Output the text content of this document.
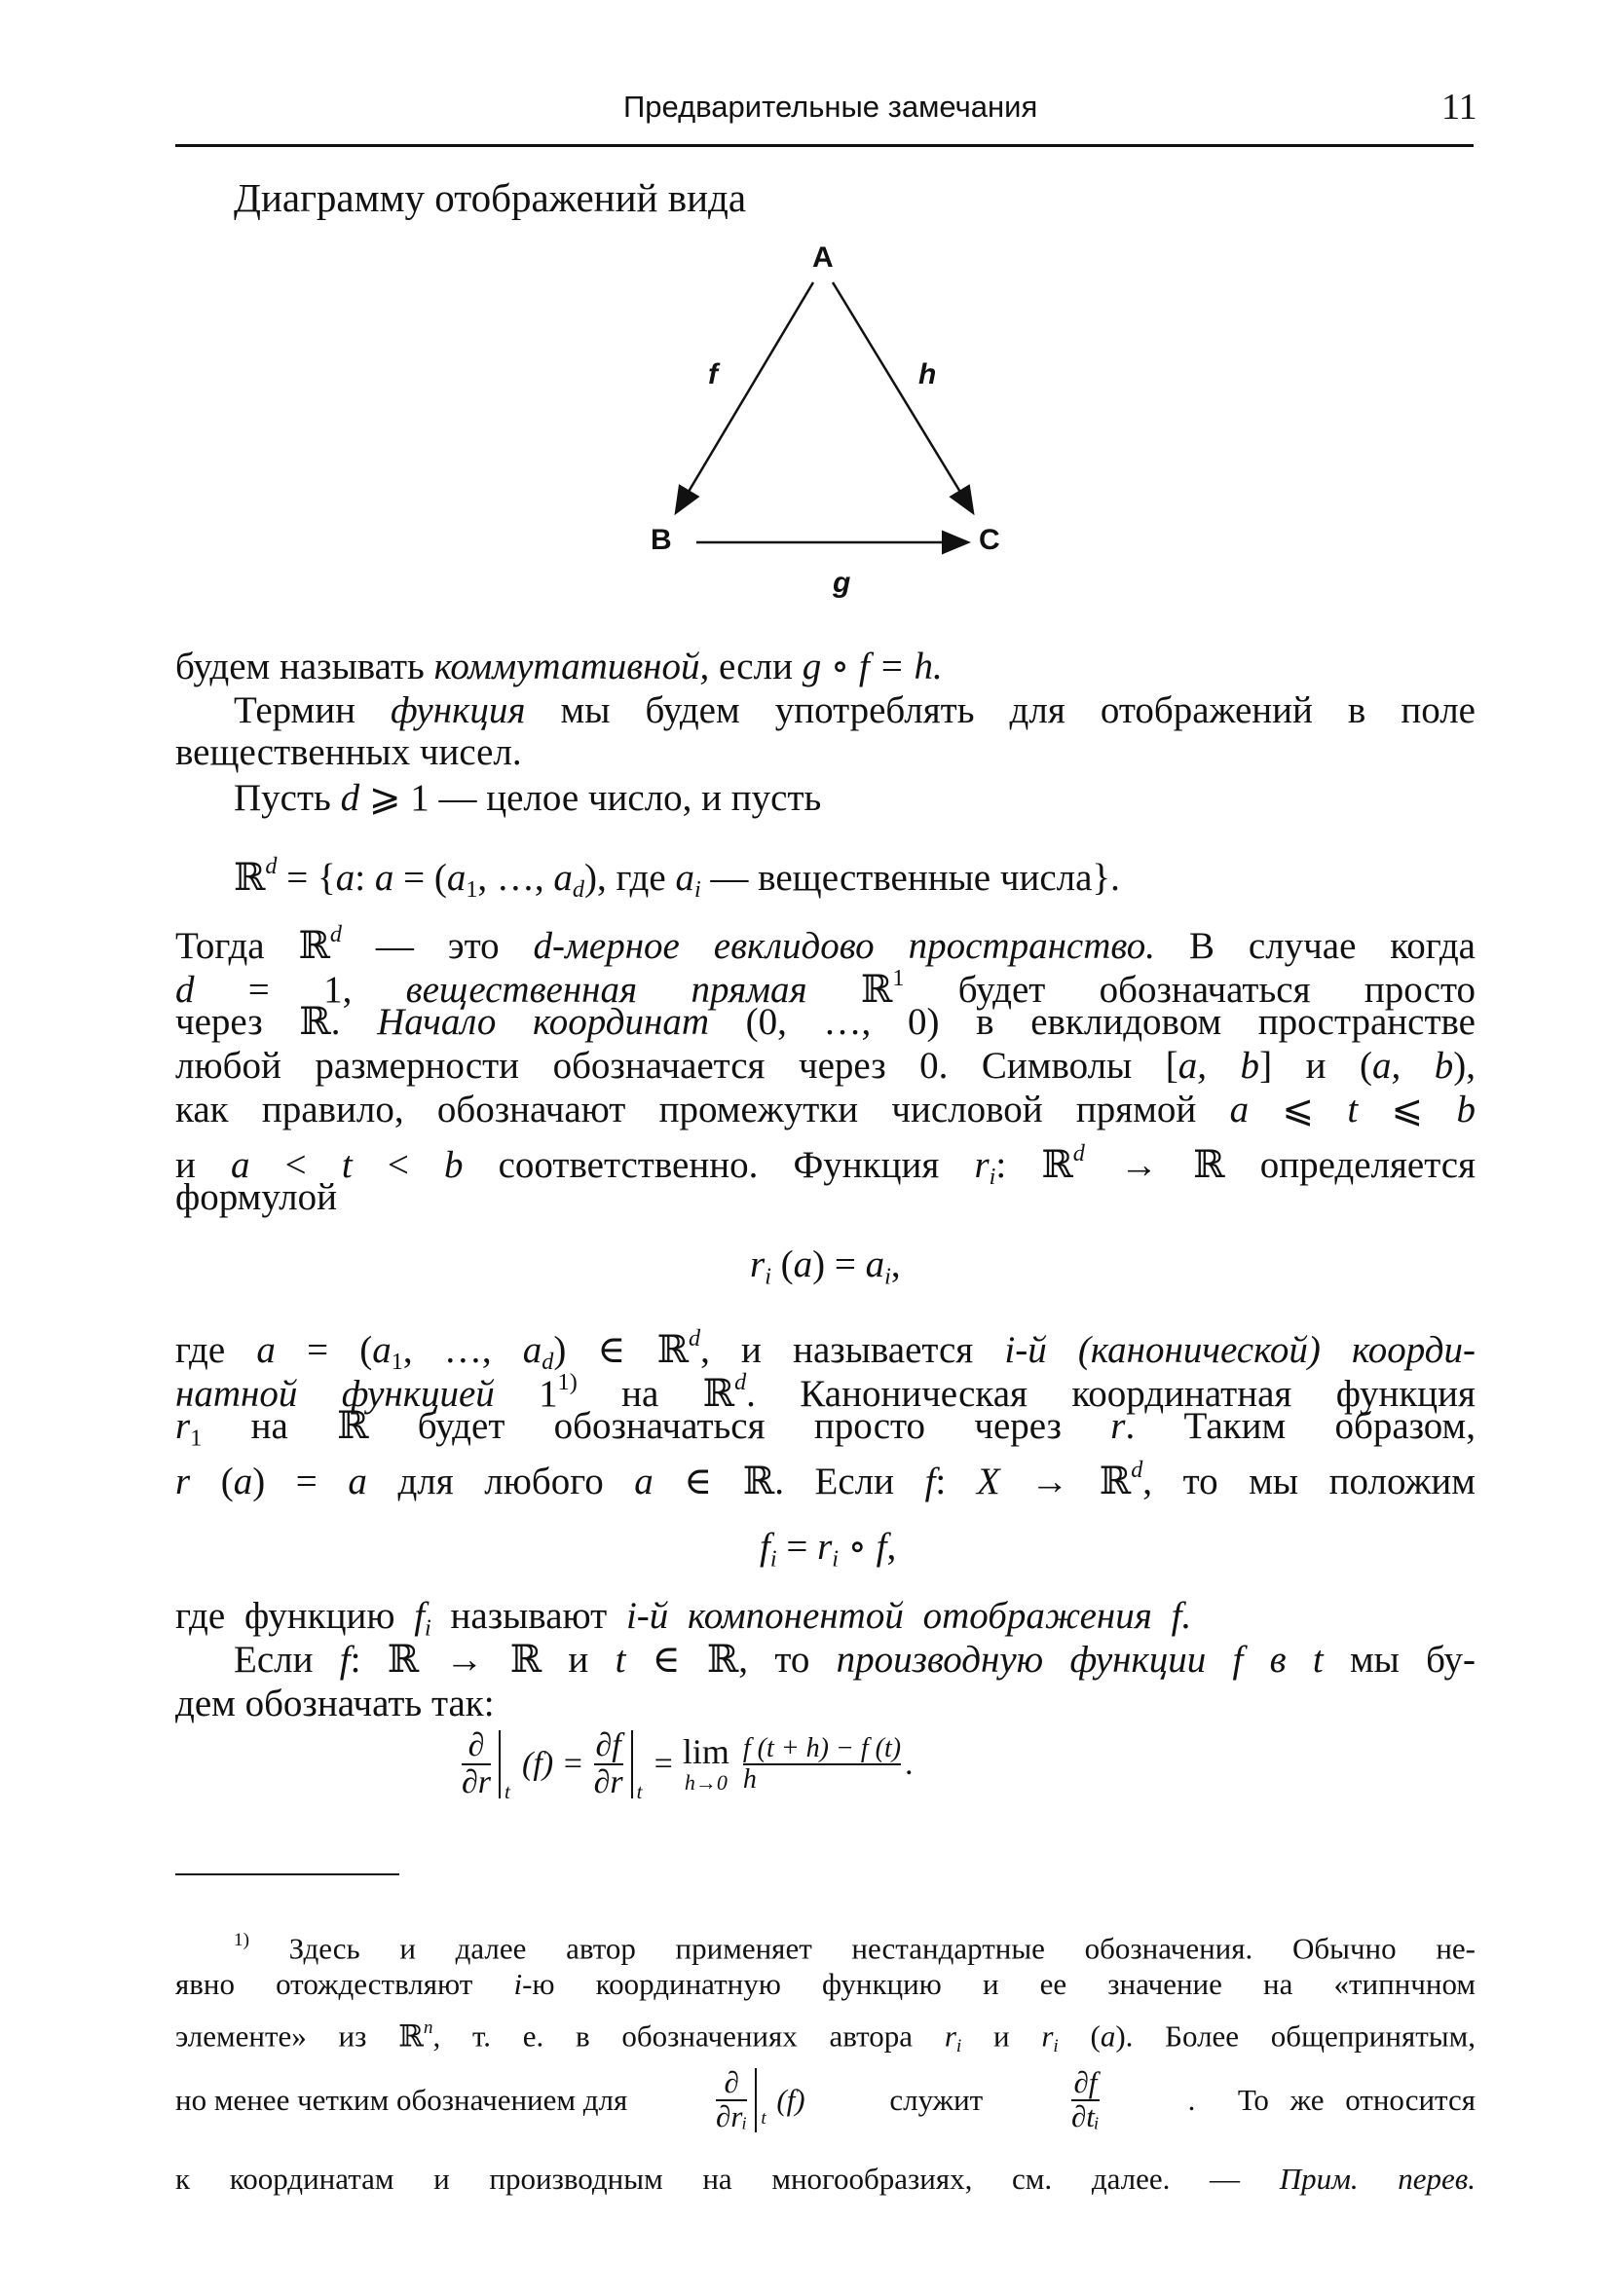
Предварительные замечания	11
Диаграмму отображений вида
A
B	C
f	h
g
будем называть коммутативной, если g ∘ f = h.
Термин функция мы будем употреблять для отображений в поле
вещественных чисел.
Пусть d ⩾ 1 — целое число, и пусть
ℝ$^d$ = {a: $a = (a_1$, …, $a_d$), где $a_i$ — вещественные числа}.
Тогда ℝ$^d$ — это d-мерное евклидово пространство. В случае когда
d = 1, вещественная прямая ℝ$^1$ будет обозначаться просто
через ℝ. Начало координат (0, …, 0) в евклидовом пространстве
любой размерности обозначается через 0. Символы [a, b] и (a, b),
как правило, обозначают промежутки числовой прямой a ⩽ t ⩽ b
и a < t < b соответственно. Функция $r_i$: ℝ$^d$ → ℝ определяется
формулой
$r_i$ $(a) = a_i$,
где $a = (a_1$, …, $a_d$) ∈ ℝ$^d$, и называется i-й (канонической) коорди-
натной функцией 1$^{1)}$ на ℝ$^d$. Каноническая координатная функция
$r_1$ на ℝ будет обозначаться просто через r. Таким образом,
r (a) = a для любого a ∈ ℝ. Если f: X → ℝ$^d$, то мы положим
$f_i = r_i$ ∘ f,
где функцию $f_i$ называют i-й компонентой отображения f.
Если f: ℝ → ℝ и t ∈ ℝ, то производную функции f в t мы бу-
дем обозначать так:
$\frac{\partial}{\partial r}$ t
$(f) = \frac{\partial f}{\partial r}$ t
= lim
$h\to 0 \frac{f (t + h) - f (t)}{h}$ .
$^{1)}$ Здесь и далее автор применяет нестандартные обозначения. Обычно не-
явно отождествляют i-ю координатную функцию и ее значение на «типнчном
элементе» из ℝ$^n$, т. е. в обозначениях автора $r_i$ и $r_i$ (a). Более общепринятым,
но менее четким обозначением для	$\frac{\partial}{\text{∂rᵢ}}$ t
(f)	служит	$\frac{\partial f}{\text{∂tᵢ}}$	.  То же относится
к координатам и производным на многообразиях, см. далее. — Прим. перев.
